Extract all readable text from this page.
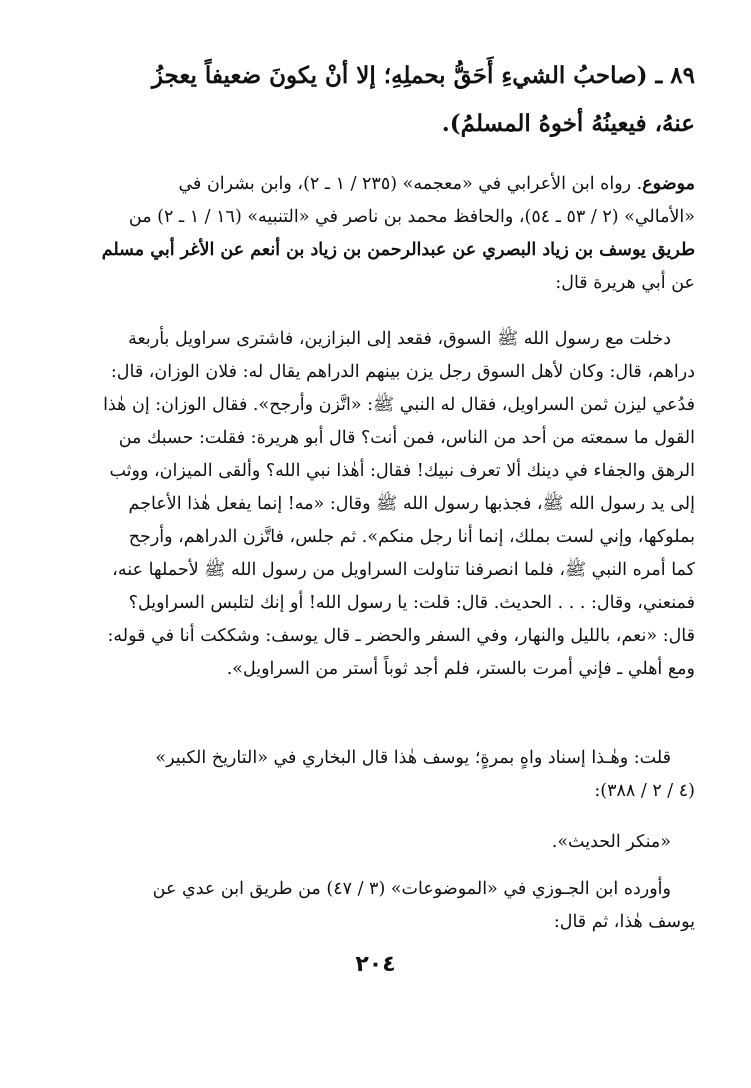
٨٩ ـ (صاحبُ الشيءِ أَحَقُّ بحملِهِ؛ إلا أنْ يكونَ ضعيفاً يعجزُ
عنهُ، فيعينُهُ أخوهُ المسلمُ).
موضوع. رواه ابن الأعرابي في «معجمه» (٢٣٥ / ١ ـ ٢)، وابن بشران في
«الأمالي» (٢ / ٥٣ ـ ٥٤)، والحافظ محمد بن ناصر في «التنبيه» (١٦ / ١ ـ ٢) من
طريق يوسف بن زياد البصري عن عبدالرحمن بن زياد بن أنعم عن الأغر أبي مسلم
عن أبي هريرة قال:
دخلت مع رسول الله ﷺ السوق، فقعد إلى البزازين، فاشترى سراويل بأربعة
دراهم، قال: وكان لأهل السوق رجل يزن بينهم الدراهم يقال له: فلان الوزان، قال:
فدُعي ليزن ثمن السراويل، فقال له النبي ﷺ: «اتَّزن وأرجح». فقال الوزان: إن هٰذا
القول ما سمعته من أحد من الناس، فمن أنت؟ قال أبو هريرة: فقلت: حسبك من
الرهق والجفاء في دينك ألا تعرف نبيك! فقال: أهٰذا نبي الله؟ وألقى الميزان، ووثب
إلى يد رسول الله ﷺ، فجذبها رسول الله ﷺ وقال: «مه! إنما يفعل هٰذا الأعاجم
بملوكها، وإني لست بملك، إنما أنا رجل منكم». ثم جلس، فاتَّزن الدراهم، وأرجح
كما أمره النبي ﷺ، فلما انصرفنا تناولت السراويل من رسول الله ﷺ لأحملها عنه،
فمنعني، وقال: . . . الحديث. قال: قلت: يا رسول الله! أو إنك لتلبس السراويل؟
قال: «نعم، بالليل والنهار، وفي السفر والحضر ـ قال يوسف: وشككت أنا في قوله:
ومع أهلي ـ فإني أمرت بالستر، فلم أجد ثوباً أستر من السراويل».
قلت: وهٰـذا إسناد واهٍ بمرةٍ؛ يوسف هٰذا قال البخاري في «التاريخ الكبير»
(٤ / ٢ / ٣٨٨):
«منكر الحديث».
وأورده ابن الجـوزي في «الموضوعات» (٣ / ٤٧) من طريق ابن عدي عن
يوسف هٰذا، ثم قال:
٢٠٤
